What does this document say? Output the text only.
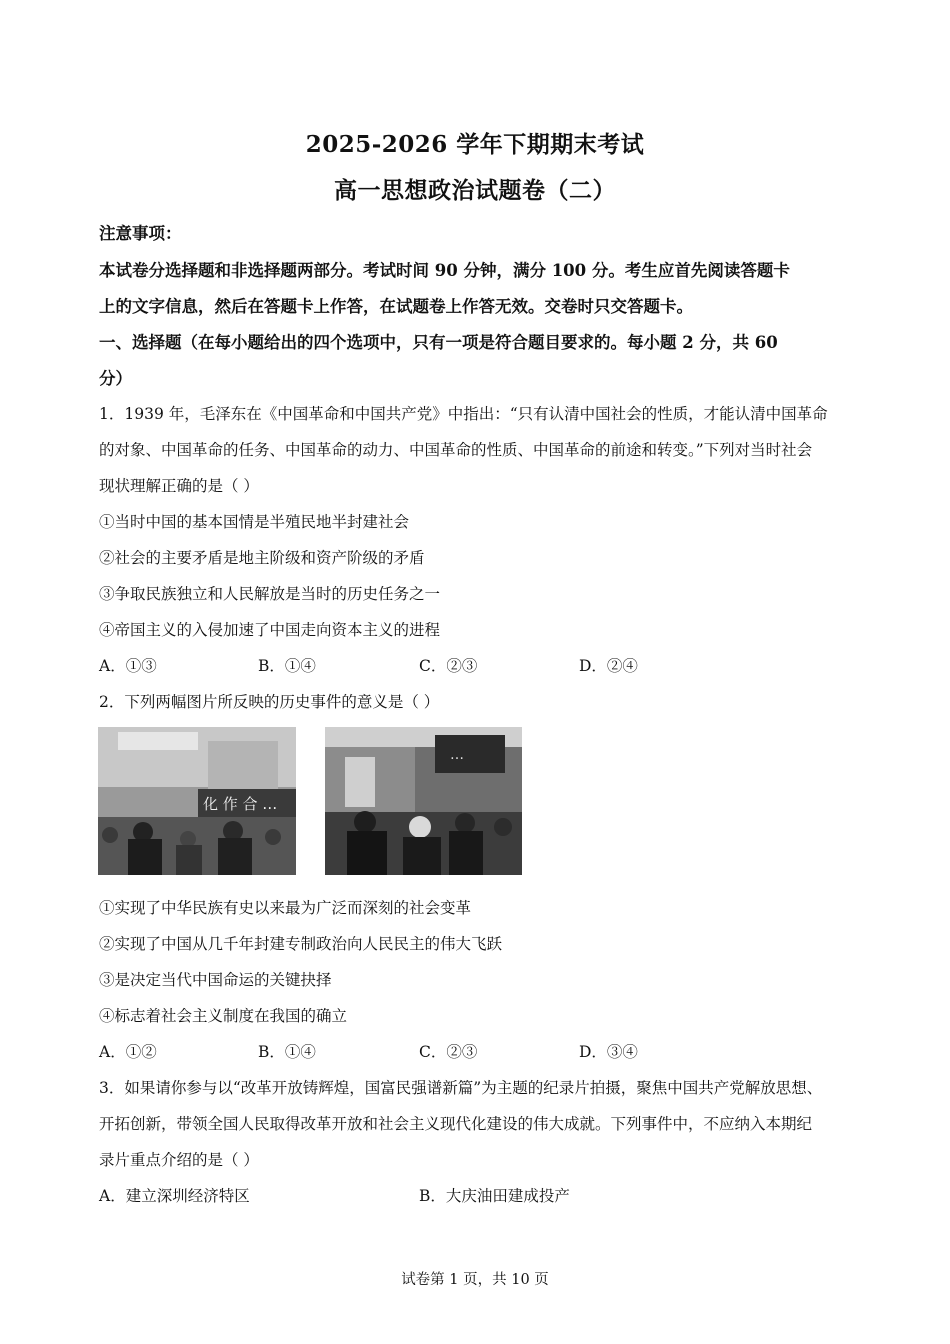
2025-2026 学年下期期末考试
高一思想政治试题卷（二）
注意事项：
本试卷分选择题和非选择题两部分。考试时间 90 分钟，满分 100 分。考生应首先阅读答题卡
上的文字信息，然后在答题卡上作答，在试题卷上作答无效。交卷时只交答题卡。
一、选择题（在每小题给出的四个选项中，只有一项是符合题目要求的。每小题 2 分，共 60
分）
1．1939 年，毛泽东在《中国革命和中国共产党》中指出：“只有认清中国社会的性质，才能认清中国革命
的对象、中国革命的任务、中国革命的动力、中国革命的性质、中国革命的前途和转变。”下列对当时社会
现状理解正确的是（ ）
①当时中国的基本国情是半殖民地半封建社会
②社会的主要矛盾是地主阶级和资产阶级的矛盾
③争取民族独立和人民解放是当时的历史任务之一
④帝国主义的入侵加速了中国走向资本主义的进程
A．①③	B．①④	C．②③	D．②④
2．下列两幅图片所反映的历史事件的意义是（ ）
化 作 合 …
…
①实现了中华民族有史以来最为广泛而深刻的社会变革
②实现了中国从几千年封建专制政治向人民民主的伟大飞跃
③是决定当代中国命运的关键抉择
④标志着社会主义制度在我国的确立
A．①②	B．①④	C．②③	D．③④
3．如果请你参与以“改革开放铸辉煌，国富民强谱新篇”为主题的纪录片拍摄，聚焦中国共产党解放思想、
开拓创新，带领全国人民取得改革开放和社会主义现代化建设的伟大成就。下列事件中，不应纳入本期纪
录片重点介绍的是（ ）
A．建立深圳经济特区	B．大庆油田建成投产
试卷第 1 页，共 10 页
